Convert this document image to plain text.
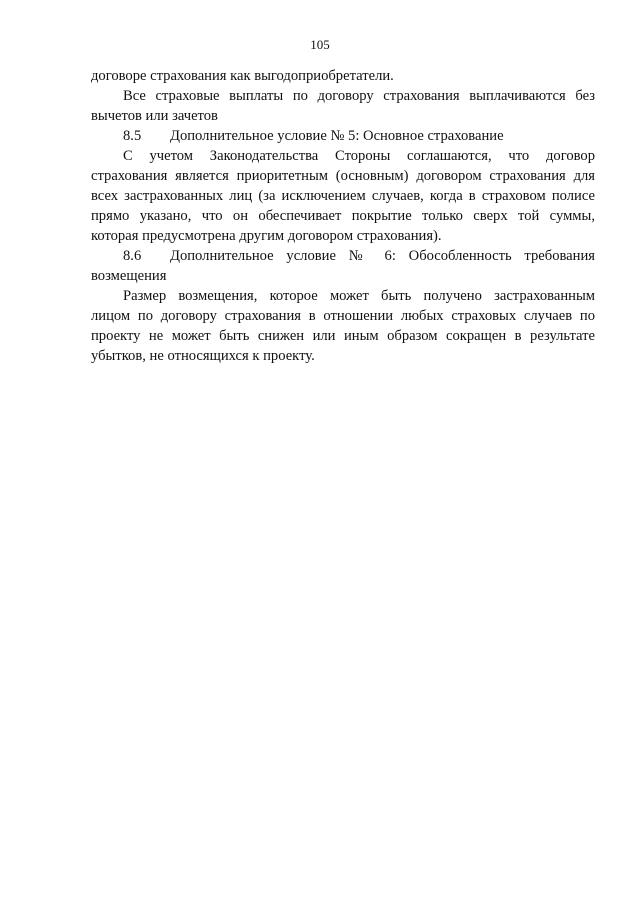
105
договоре страхования как выгодоприобретатели.
Все страховые выплаты по договору страхования выплачиваются без
вычетов или зачетов
8.5	Дополнительное условие № 5: Основное страхование
С учетом Законодательства Стороны соглашаются, что договор
страхования является приоритетным (основным) договором страхования для
всех застрахованных лиц (за исключением случаев, когда в страховом полисе
прямо указано, что он обеспечивает покрытие только сверх той суммы,
которая предусмотрена другим договором страхования).
8.6	Дополнительное условие № 6: Обособленность требования
возмещения
Размер возмещения, которое может быть получено застрахованным
лицом по договору страхования в отношении любых страховых случаев по
проекту не может быть снижен или иным образом сокращен в результате
убытков, не относящихся к проекту.
